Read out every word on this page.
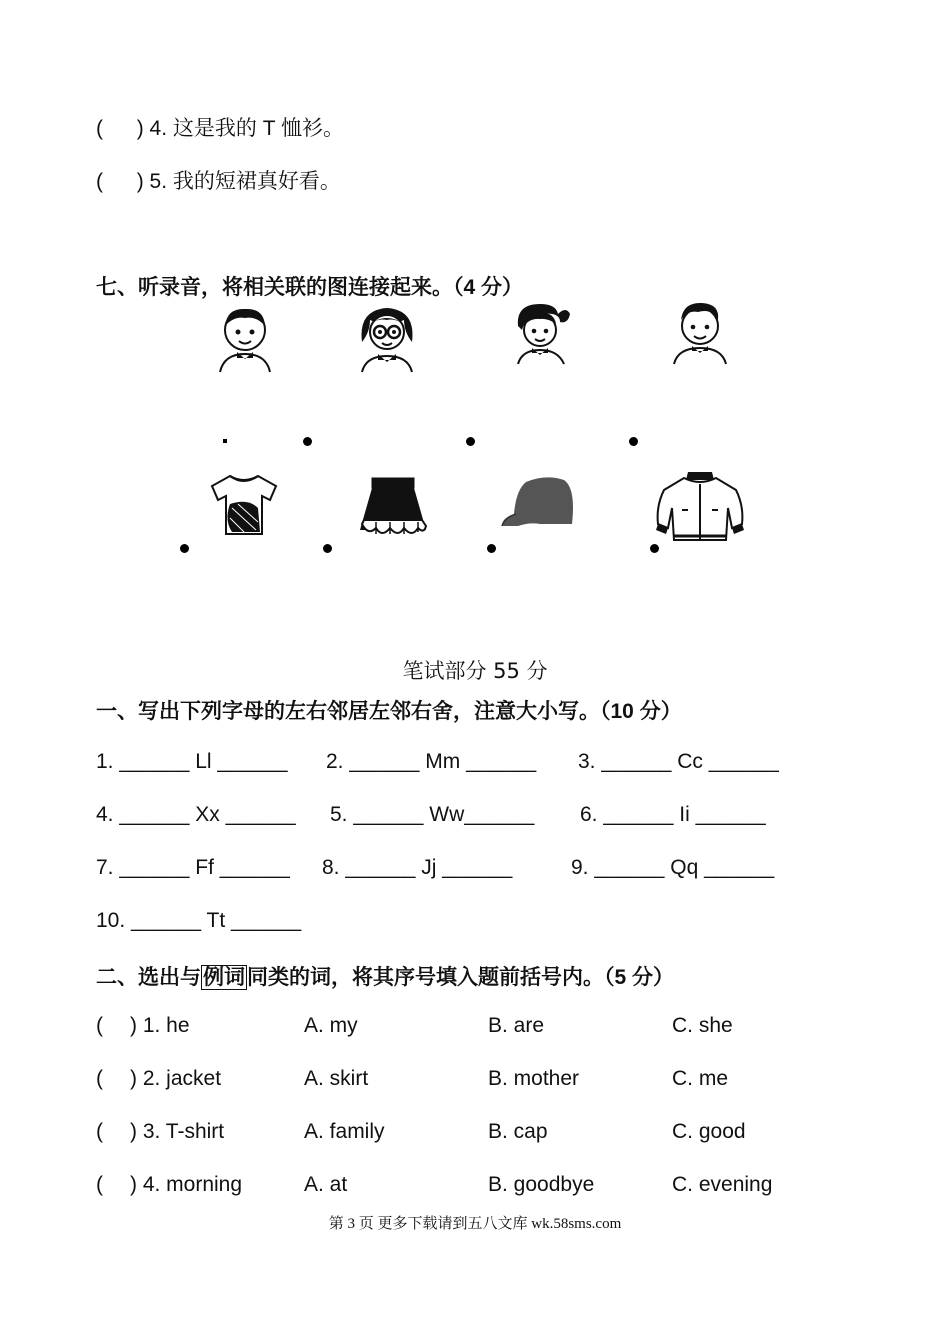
( ) 4. 这是我的 T 恤衫。
( ) 5. 我的短裙真好看。
七、听录音，将相关联的图连接起来。（4 分）
笔试部分 55 分
一、写出下列字母的左右邻居左邻右舍，注意大小写。（10 分）
1. ______ Ll ______ 2. ______ Mm ______ 3. ______ Cc ______
4. ______ Xx ______ 5. ______ Ww______ 6. ______ Ii ______
7. ______ Ff ______ 8. ______ Jj ______	9. ______ Qq ______
10. ______ Tt ______
二、选出与例词同类的词，将其序号填入题前括号内。（5 分）
( ) 1. he	A. my	B. are	C. she
( ) 2. jacket	A. skirt	B. mother	C. me
( ) 3. T-shirt	A. family	B. cap	C. good
( ) 4. morning	A. at	B. goodbye	C. evening
第 3 页 更多下载请到五八文库 wk.58sms.com
